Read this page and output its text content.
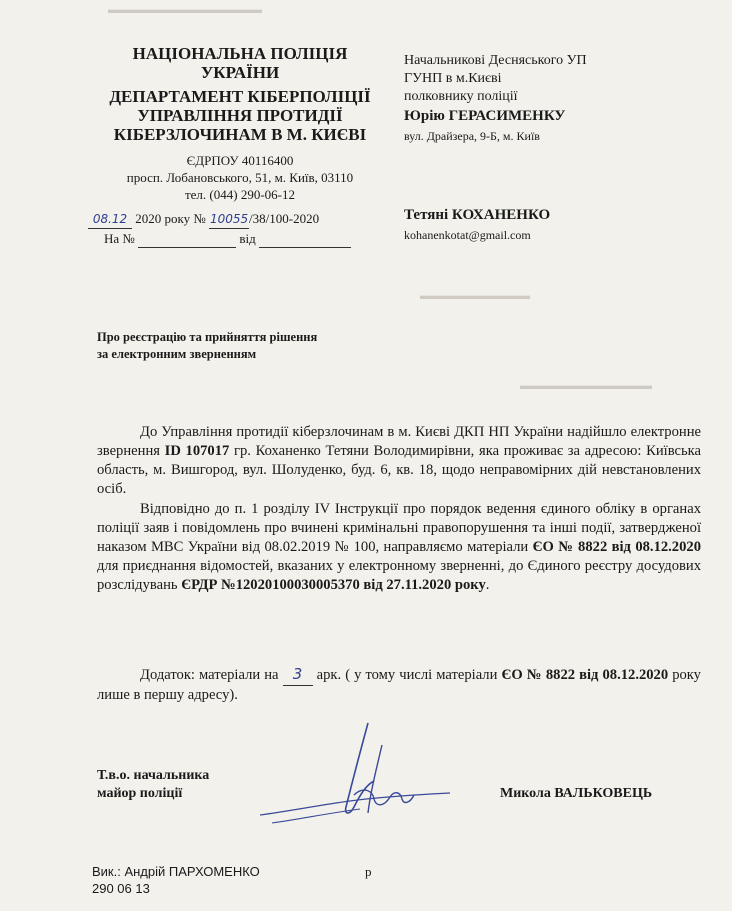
▬▬▬▬▬▬▬▬▬▬▬▬▬▬
▬▬▬▬▬▬▬▬▬▬
▬▬▬▬▬▬▬▬▬▬▬▬
НАЦІОНАЛЬНА ПОЛІЦІЯ
УКРАЇНИ
ДЕПАРТАМЕНТ КІБЕРПОЛІЦІЇ
УПРАВЛІННЯ ПРОТИДІЇ
КІБЕРЗЛОЧИНАМ В М. КИЄВІ
ЄДРПОУ 40116400
просп. Лобановського, 51, м. Київ, 03110
тел. (044) 290-06-12
08.12 2020 року № 10055/38/100-2020
На №	від
Начальникові Десняського УП
ГУНП в м.Києві
полковнику поліції
Юрію ГЕРАСИМЕНКУ
вул. Драйзера, 9-Б, м. Київ
Тетяні КОХАНЕНКО
kohanenkotat@gmail.com
Про реєстрацію та прийняття рішення
за електронним зверненням
До Управління протидії кіберзлочинам в м. Києві ДКП НП України надійшло електронне звернення ID 107017 гр. Коханенко Тетяни Володимирівни, яка проживає за адресою: Київська область, м. Вишгород, вул. Шолуденко, буд. 6, кв. 18, щодо неправомірних дій невстановлених осіб.
Відповідно до п. 1 розділу IV Інструкції про порядок ведення єдиного обліку в органах поліції заяв і повідомлень про вчинені кримінальні правопорушення та інші події, затвердженої наказом МВС України від 08.02.2019 № 100, направляємо матеріали ЄО № 8822 від 08.12.2020 для приєднання відомостей, вказаних у електронному зверненні, до Єдиного реєстру досудових розслідувань ЄРДР №12020100030005370 від 27.11.2020 року.
Додаток: матеріали на 3 арк. ( у тому числі матеріали ЄО № 8822 від 08.12.2020 року лише в першу адресу).
Т.в.о. начальника
майор поліції	Микола ВАЛЬКОВЕЦЬ
Вик.: Андрій ПАРХОМЕНКО
290 06 13
р
